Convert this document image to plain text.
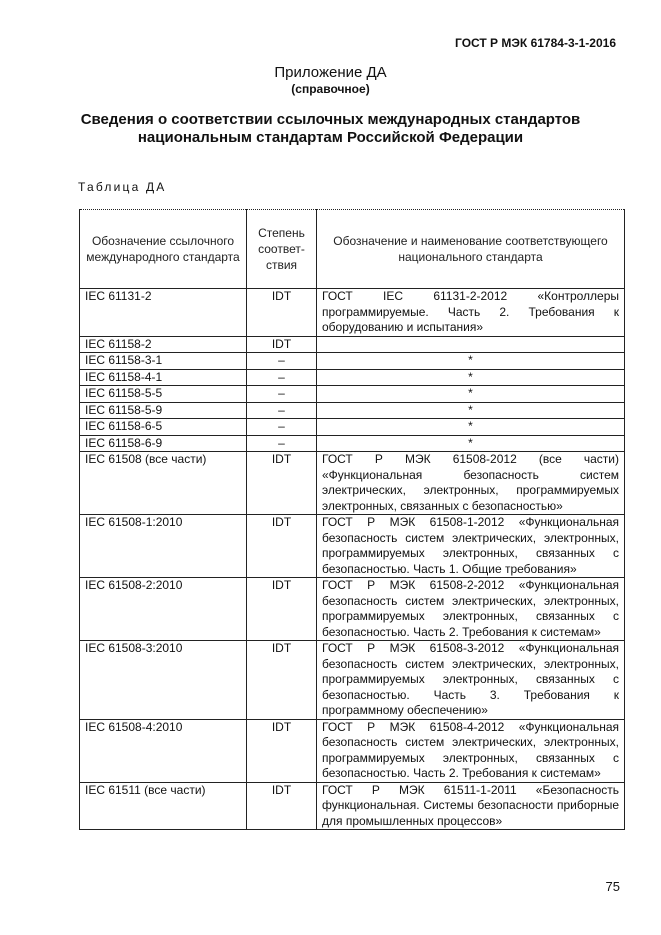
ГОСТ Р МЭК 61784-3-1-2016
Приложение ДА
(справочное)
Сведения о соответствии ссылочных международных стандартов
национальным стандартам Российской Федерации
Таблица ДА
Обозначение ссылочного международного стандарта	Степень соответ-ствия	Обозначение и наименование соответствующего национального стандарта
IEC 61131-2	IDT	ГОСТ IEC 61131-2-2012 «Контроллеры программируемые. Часть 2. Требования к оборудованию и испытания»
IEC 61158-2	IDT	
IEC 61158-3-1	–	*
IEC 61158-4-1	–	*
IEC 61158-5-5	–	*
IEC 61158-5-9	–	*
IEC 61158-6-5	–	*
IEC 61158-6-9	–	*
IEC 61508 (все части)	IDT	ГОСТ Р МЭК 61508-2012 (все части) «Функциональная безопасность систем электрических, электронных, программируемых электронных, связанных с безопасностью»
IEC 61508-1:2010	IDT	ГОСТ Р МЭК 61508-1-2012 «Функциональная безопасность систем электрических, электронных, программируемых электронных, связанных с безопасностью. Часть 1. Общие требования»
IEC 61508-2:2010	IDT	ГОСТ Р МЭК 61508-2-2012 «Функциональная безопасность систем электрических, электронных, программируемых электронных, связанных с безопасностью. Часть 2. Требования к системам»
IEC 61508-3:2010	IDT	ГОСТ Р МЭК 61508-3-2012 «Функциональная безопасность систем электрических, электронных, программируемых электронных, связанных с безопасностью. Часть 3. Требования к программному обеспечению»
IEC 61508-4:2010	IDT	ГОСТ Р МЭК 61508-4-2012 «Функциональная безопасность систем электрических, электронных, программируемых электронных, связанных с безопасностью. Часть 2. Требования к системам»
IEC 61511 (все части)	IDT	ГОСТ Р МЭК 61511-1-2011 «Безопасность функциональная. Системы безопасности приборные для промышленных процессов»
75
